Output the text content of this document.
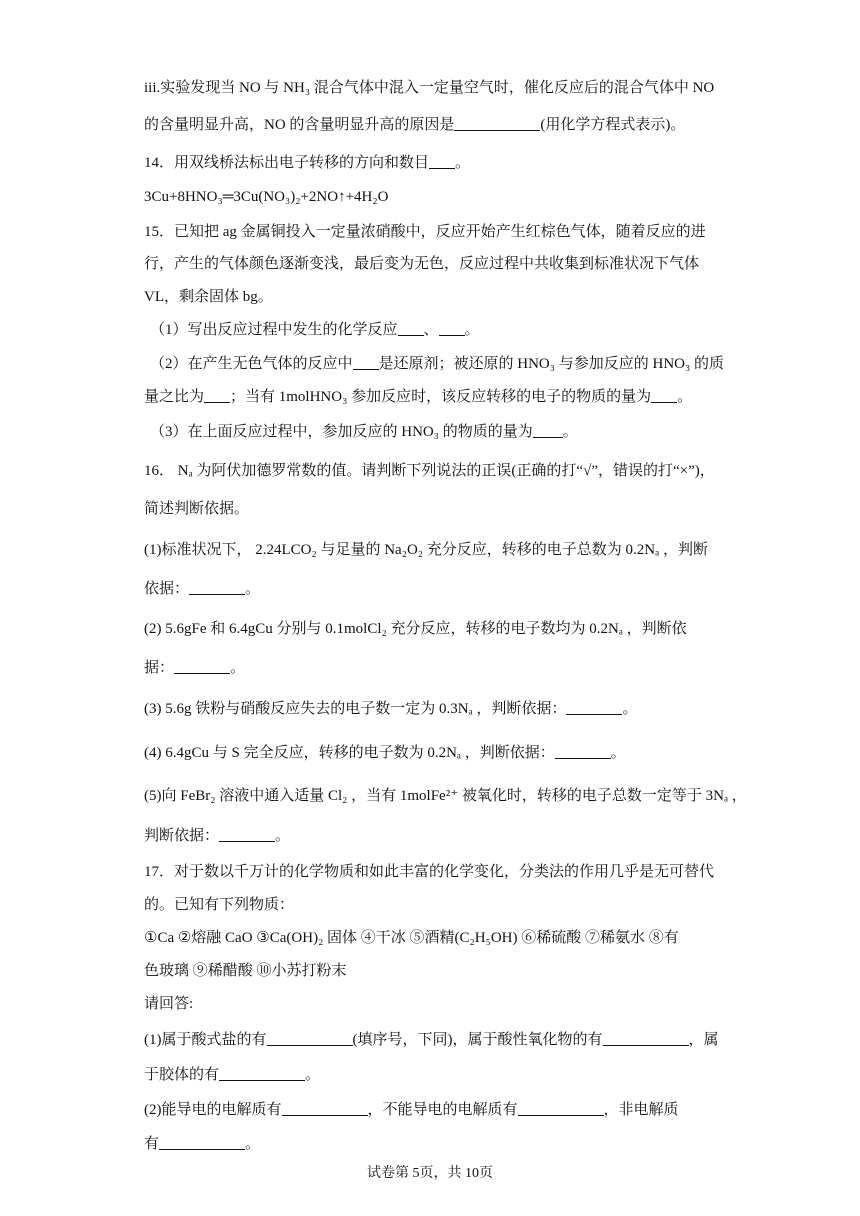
iii.实验发现当 NO 与 NH₃ 混合气体中混入一定量空气时，催化反应后的混合气体中 NO
的含量明显升高，NO 的含量明显升高的原因是	(用化学方程式表示)。
14．用双线桥法标出电子转移的方向和数目 。
3Cu+8HNO₃═3Cu(NO₃)₂+2NO↑+4H₂O
15．已知把 ag 金属铜投入一定量浓硝酸中，反应开始产生红棕色气体，随着反应的进
行，产生的气体颜色逐渐变浅，最后变为无色，反应过程中共收集到标准状况下气体
VL，剩余固体 bg。
（1）写出反应过程中发生的化学反应 、 。
（2）在产生无色气体的反应中 是还原剂；被还原的 HNO₃ 与参加反应的 HNO₃ 的质
量之比为 ；当有 1molHNO₃ 参加反应时，该反应转移的电子的物质的量为 。
（3）在上面反应过程中，参加反应的 HNO₃ 的物质的量为 。
16． Nₐ 为阿伏加德罗常数的值。请判断下列说法的正误(正确的打“√”，错误的打“×”)，
简述判断依据。
(1)标准状况下， 2.24LCO₂ 与足量的 Na₂O₂ 充分反应，转移的电子总数为 0.2Nₐ ，判断
依据：	。
(2) 5.6gFe 和 6.4gCu 分别与 0.1molCl₂ 充分反应，转移的电子数均为 0.2Nₐ ，判断依
据：	。
(3) 5.6g 铁粉与硝酸反应失去的电子数一定为 0.3Nₐ ，判断依据：	。
(4) 6.4gCu 与 S 完全反应，转移的电子数为 0.2Nₐ ，判断依据：	。
(5)向 FeBr₂ 溶液中通入适量 Cl₂ ，当有 1molFe²⁺ 被氧化时，转移的电子总数一定等于 3Nₐ ，
判断依据：	。
17．对于数以千万计的化学物质和如此丰富的化学变化，分类法的作用几乎是无可替代
的。已知有下列物质：
①Ca ②熔融 CaO ③Ca(OH)₂ 固体 ④干冰 ⑤酒精(C₂H₅OH) ⑥稀硫酸 ⑦稀氨水 ⑧有
色玻璃 ⑨稀醋酸 ⑩小苏打粉末
请回答:
(1)属于酸式盐的有	(填序号，下同)，属于酸性氧化物的有	，属
于胶体的有	。
(2)能导电的电解质有	，不能导电的电解质有	，非电解质
有	。
试卷第 5页，共 10页
